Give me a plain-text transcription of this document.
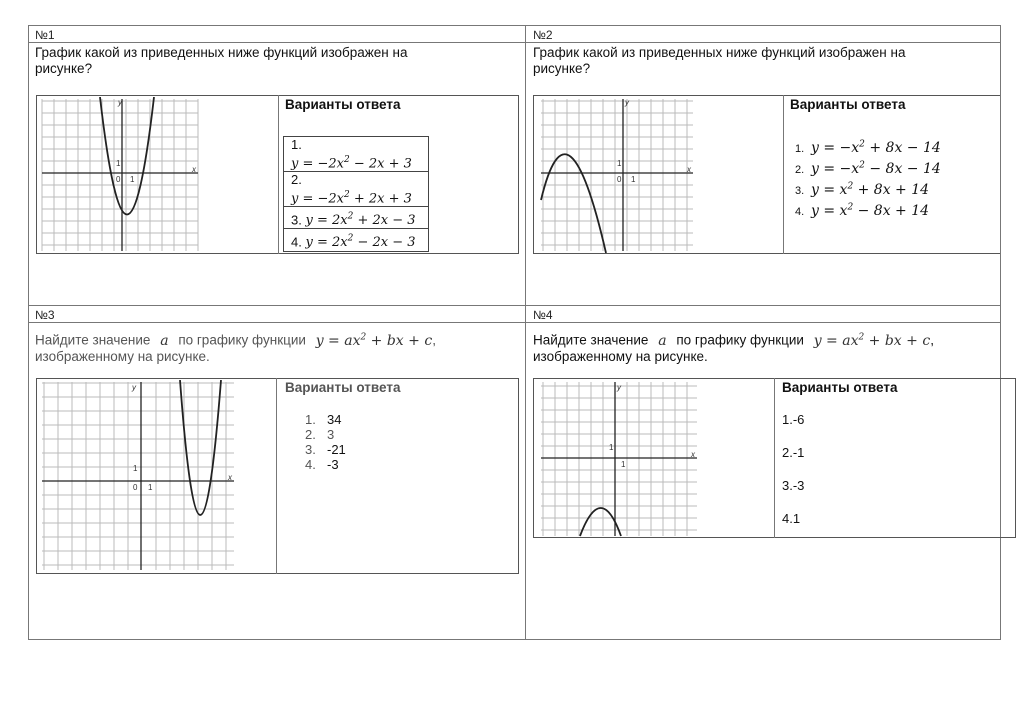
№1
График какой из приведенных ниже функций изображен на
рисунке?
y
x
0 1
1
Варианты ответа
1.
$y = -2x^2 - 2x + 3$
2.
$y = -2x^2 + 2x + 3$
3. $y = 2x^2 + 2x - 3$
4. $y = 2x^2 - 2x - 3$
№2
График какой из приведенных ниже функций изображен на
рисунке?
y
x
0 1
1
Варианты ответа
1. $y = -x^2 + 8x - 14$
2. $y = -x^2 - 8x - 14$
3. $y = x^2 + 8x + 14$
4. $y = x^2 - 8x + 14$
№3
Найдите значение a по графику функции $y = ax^2$ + bx + c,
изображенному на рисунке.
y
x
0 1
1
Варианты ответа
1. 34
2. 3
3. -21
4. -3
№4
Найдите значение a по графику функции $y = ax^2$ + bx + c,
изображенному на рисунке.
y
x
1
1
Варианты ответа
1.-6
2.-1
3.-3
4.1
